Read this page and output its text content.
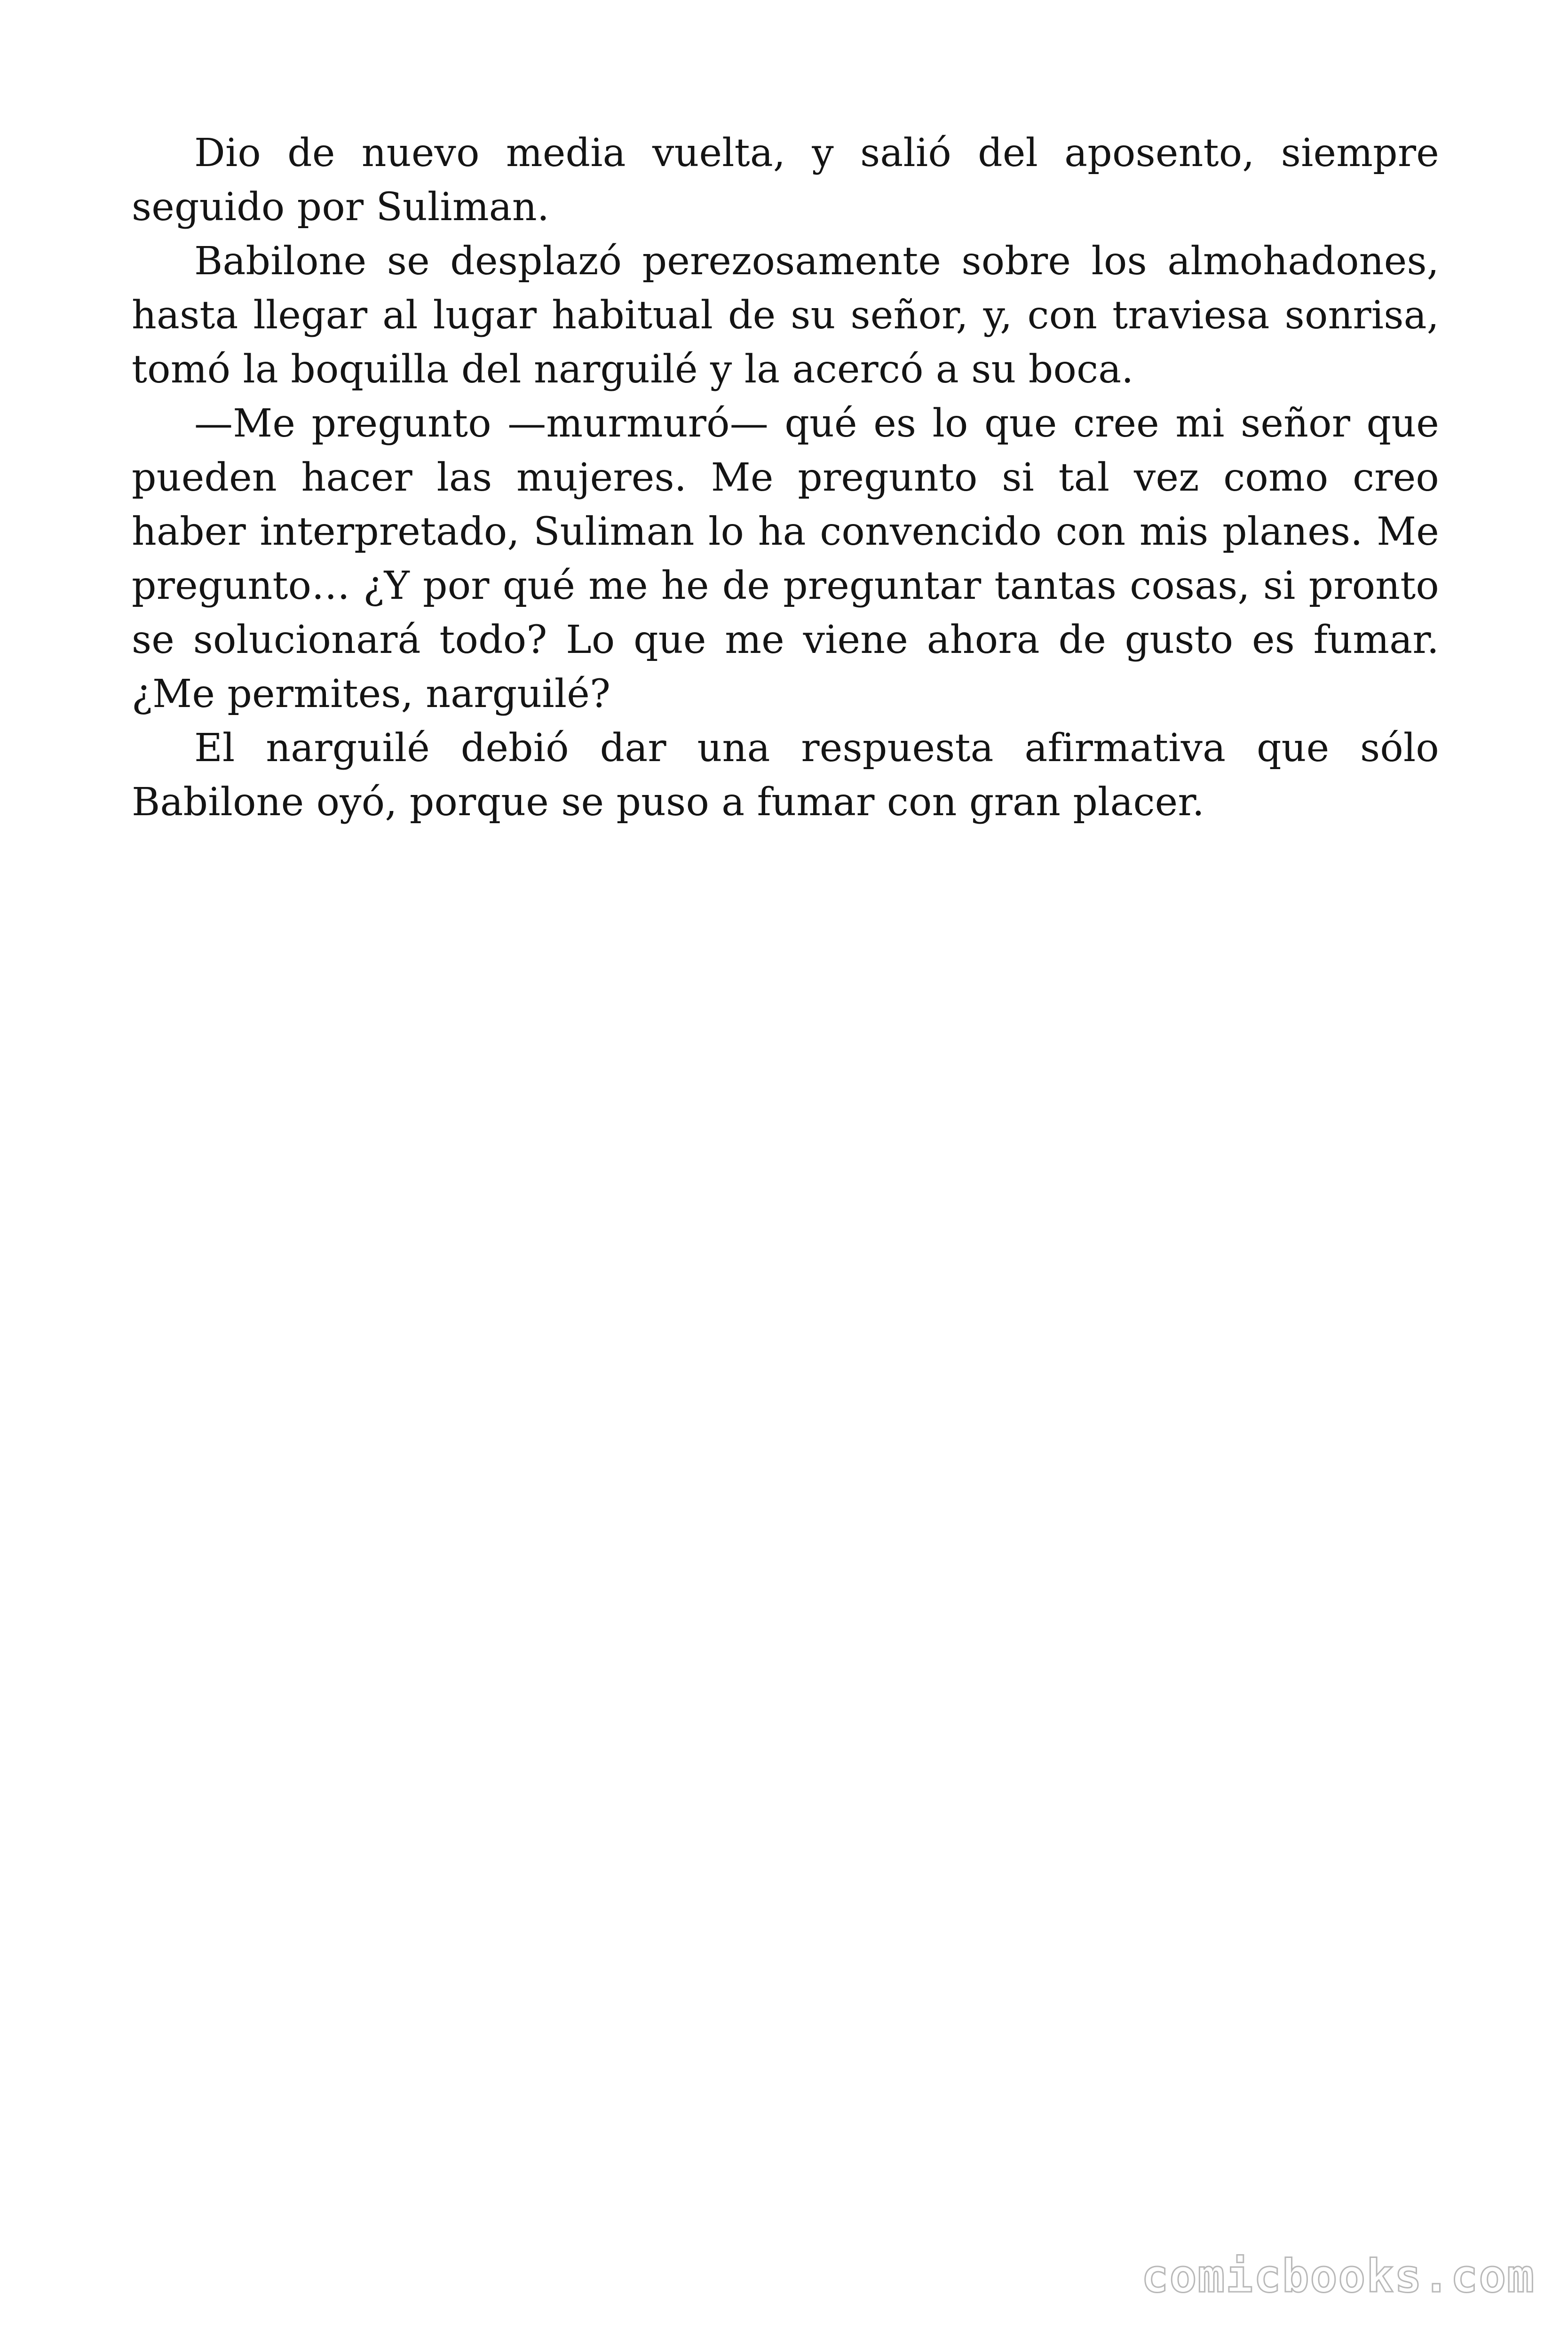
Dio de nuevo media vuelta, y salió del aposento, siempre seguido por Suliman.

Babilone se desplazó perezosamente sobre los almohadones, hasta llegar al lugar habitual de su señor, y, con traviesa sonrisa, tomó la boquilla del narguilé y la acercó a su boca.

—Me pregunto —murmuró— qué es lo que cree mi señor que pueden hacer las mujeres. Me pregunto si tal vez como creo haber interpretado, Suliman lo ha convencido con mis planes. Me pregunto… ¿Y por qué me he de preguntar tantas cosas, si pronto se solucionará todo? Lo que me viene ahora de gusto es fumar. ¿Me permites, narguilé?

El narguilé debió dar una respuesta afirmativa que sólo Babilone oyó, porque se puso a fumar con gran placer.

comicbooks.com
